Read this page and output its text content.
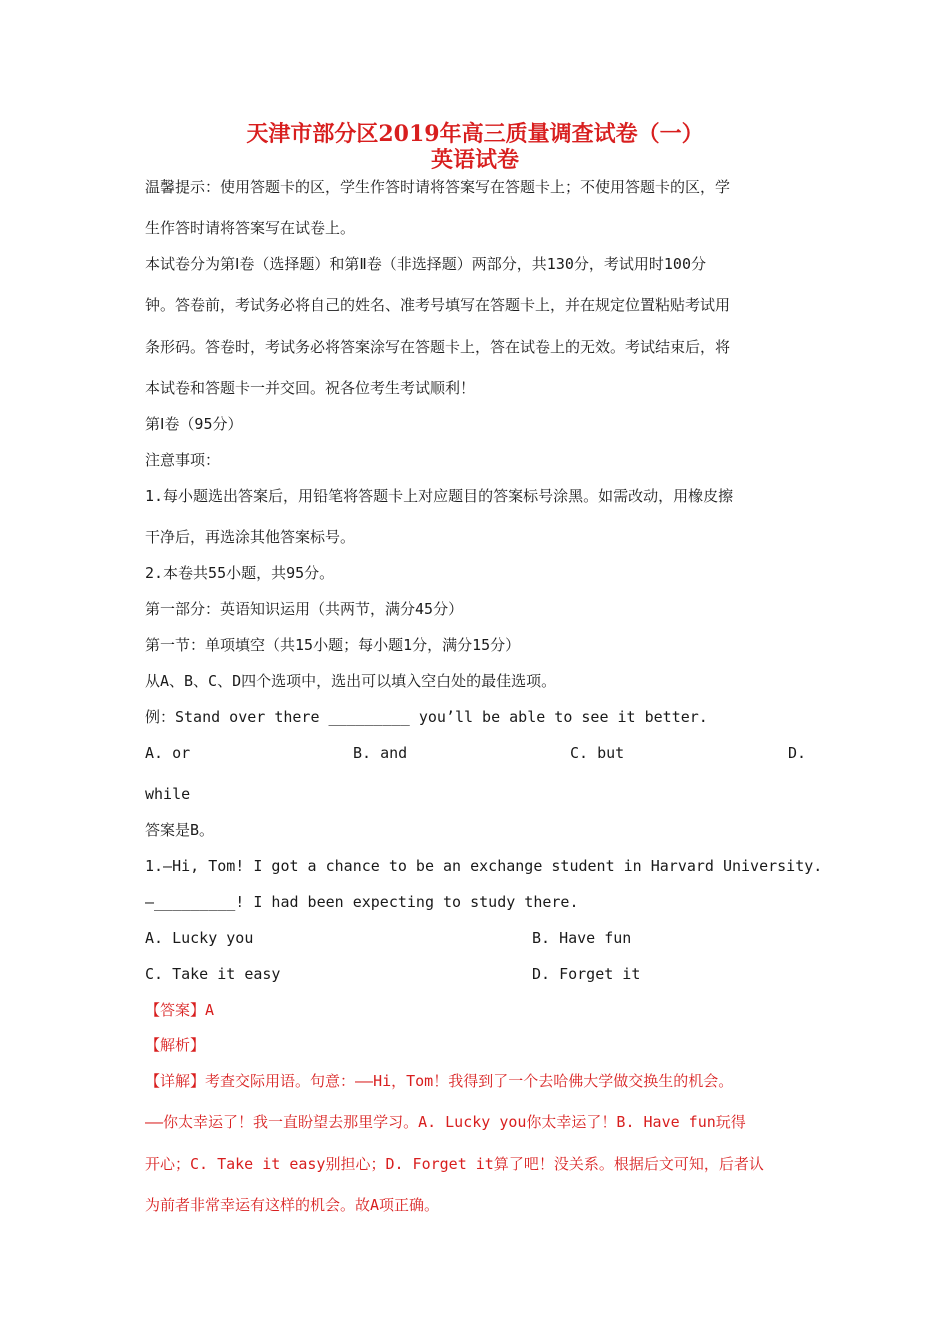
天津市部分区2019年高三质量调查试卷（一）
英语试卷
温馨提示：使用答题卡的区，学生作答时请将答案写在答题卡上；不使用答题卡的区，学
生作答时请将答案写在试卷上。
本试卷分为第Ⅰ卷（选择题）和第Ⅱ卷（非选择题）两部分，共130分，考试用时100分
钟。答卷前，考试务必将自己的姓名、准考号填写在答题卡上，并在规定位置粘贴考试用
条形码。答卷时，考试务必将答案涂写在答题卡上，答在试卷上的无效。考试结束后，将
本试卷和答题卡一并交回。祝各位考生考试顺利！
第Ⅰ卷（95分）
注意事项：
1.每小题选出答案后，用铅笔将答题卡上对应题目的答案标号涂黑。如需改动，用橡皮擦
干净后，再选涂其他答案标号。
2.本卷共55小题，共95分。
第一部分：英语知识运用（共两节，满分45分）
第一节：单项填空（共15小题；每小题1分，满分15分）
从A、B、C、D四个选项中，选出可以填入空白处的最佳选项。
例：Stand over there _________ you’ll be able to see it better.
A. or	B. and	C. but	D.
while
答案是B。
1.—Hi, Tom! I got a chance to be an exchange student in Harvard University.
—_________! I had been expecting to study there.
A. Lucky you	B. Have fun
C. Take it easy	D. Forget it
【答案】A
【解析】
【详解】考查交际用语。句意：——Hi，Tom！我得到了一个去哈佛大学做交换生的机会。
——你太幸运了！我一直盼望去那里学习。A. Lucky you你太幸运了！B. Have fun玩得
开心；C. Take it easy别担心；D. Forget it算了吧！没关系。根据后文可知，后者认
为前者非常幸运有这样的机会。故A项正确。
